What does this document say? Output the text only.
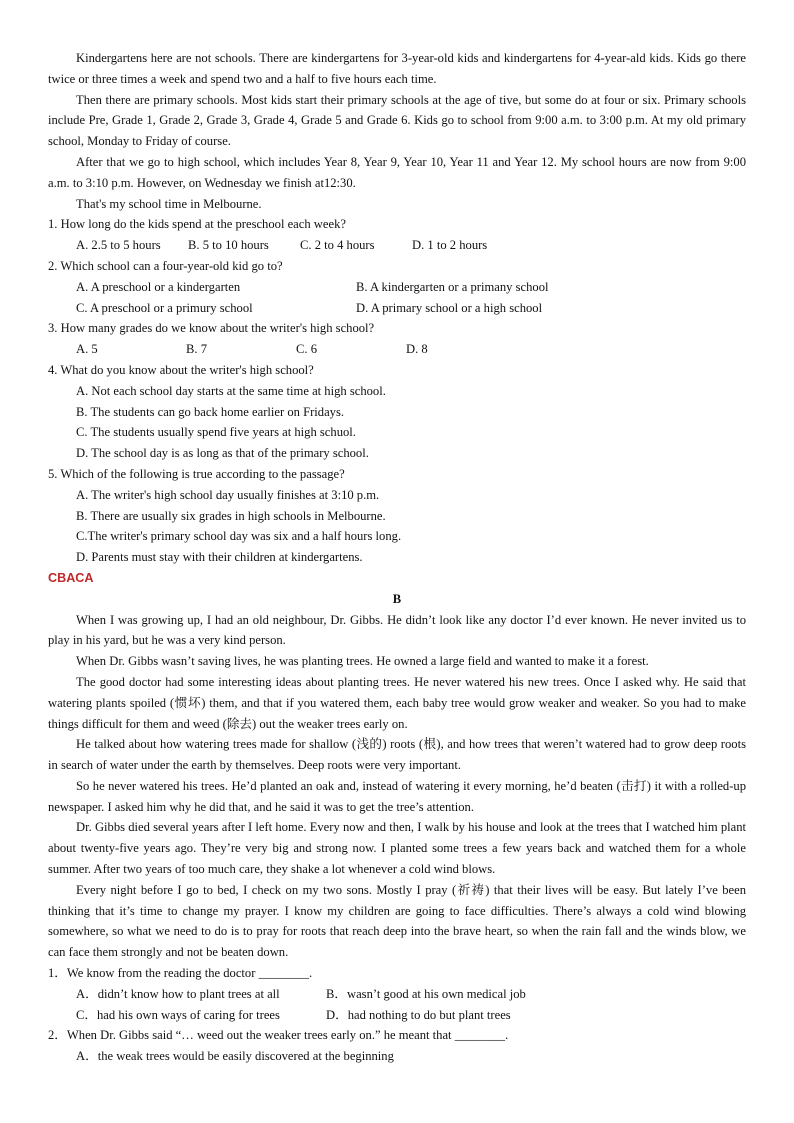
Kindergartens here are not schools. There are kindergartens for 3-year-old kids and kindergartens for 4-year-ald kids. Kids go there twice or three times a week and spend two and a half to five hours each time.

Then there are primary schools. Most kids start their primary schools at the age of tive, but some do at four or six. Primary schools include Pre, Grade 1, Grade 2, Grade 3, Grade 4, Grade 5 and Grade 6. Kids go to school from 9:00 a.m. to 3:00 p.m. At my old primary school, Monday to Friday of course.

After that we go to high school, which includes Year 8, Year 9, Year 10, Year 11 and Year 12. My school hours are now from 9:00 a.m. to 3:10 p.m. However, on Wednesday we finish at12:30.

That's my school time in Melbourne.

1. How long do the kids spend at the preschool each week?

A. 2.5 to 5 hours	B. 5 to 10 hours	C. 2 to 4 hours	D. 1 to 2 hours

2. Which school can a four-year-old kid go to?

A. A preschool or a kindergarten	B. A kindergarten or a primany school
C. A preschool or a primury school	D. A primary school or a high school

3. How many grades do we know about the writer's high school?

A. 5	B. 7	C. 6	D. 8

4. What do you know about the writer's high school?

A. Not each school day starts at the same time at high school.

B. The students can go back home earlier on Fridays.

C. The students usually spend five years at high schuol.

D. The school day is as long as that of the primary school.

5. Which of the following is true according to the passage?

A. The writer's high school day usually finishes at 3:10 p.m.

B. There are usually six grades in high schools in Melbourne.

C.The writer's primary school day was six and a half hours long.

D. Parents must stay with their children at kindergartens.

CBACA

B

When I was growing up, I had an old neighbour, Dr. Gibbs. He didn’t look like any doctor I’d ever known. He never invited us to play in his yard, but he was a very kind person.

When Dr. Gibbs wasn’t saving lives, he was planting trees. He owned a large field and wanted to make it a forest.

The good doctor had some interesting ideas about planting trees. He never watered his new trees. Once I asked why. He said that watering plants spoiled (惯坏) them, and that if you watered them, each baby tree would grow weaker and weaker. So you had to make things difficult for them and weed (除去) out the weaker trees early on.

He talked about how watering trees made for shallow (浅的) roots (根), and how trees that weren’t watered had to grow deep roots in search of water under the earth by themselves. Deep roots were very important.

So he never watered his trees. He’d planted an oak and, instead of watering it every morning, he’d beaten (击打) it with a rolled-up newspaper. I asked him why he did that, and he said it was to get the tree’s attention.

Dr. Gibbs died several years after I left home. Every now and then, I walk by his house and look at the trees that I watched him plant about twenty-five years ago. They’re very big and strong now. I planted some trees a few years back and watched them for a whole summer. After two years of too much care, they shake a lot whenever a cold wind blows.

Every night before I go to bed, I check on my two sons. Mostly I pray (祈祷) that their lives will be easy. But lately I’ve been thinking that it’s time to change my prayer. I know my children are going to face difficulties. There’s always a cold wind blowing somewhere, so what we need to do is to pray for roots that reach deep into the brave heart, so when the rain fall and the winds blow, we can face them strongly and not be beaten down.

1．We know from the reading the doctor ________.

A．didn’t know how to plant trees at all	B．wasn’t good at his own medical job
C．had his own ways of caring for trees	D．had nothing to do but plant trees

2．When Dr. Gibbs said “… weed out the weaker trees early on.” he meant that ________.

A．the weak trees would be easily discovered at the beginning
